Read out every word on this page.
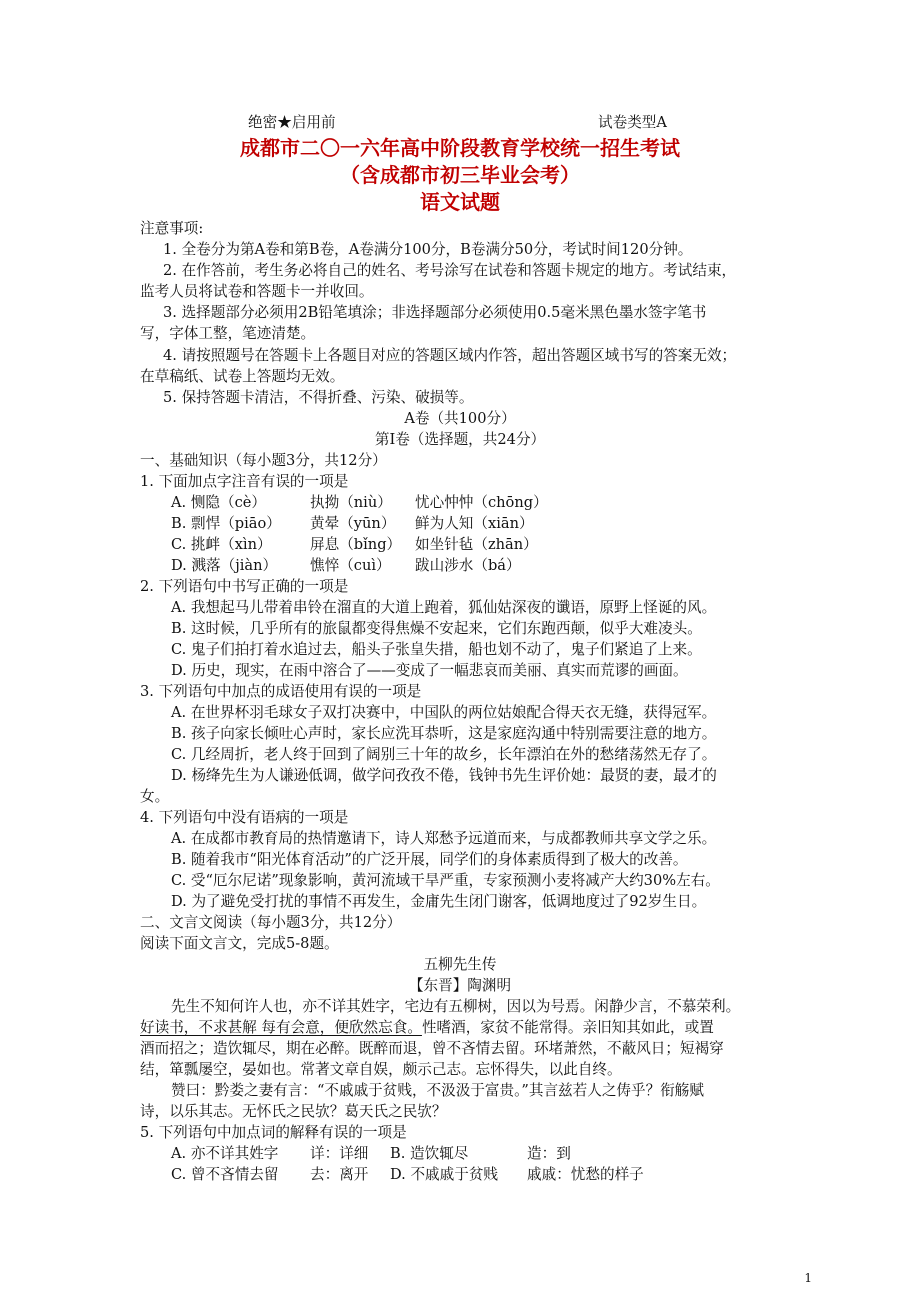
绝密★启用前	试卷类型A
成都市二〇一六年高中阶段教育学校统一招生考试
（含成都市初三毕业会考）
语文试题
注意事项:
1. 全卷分为第A卷和第B卷，A卷满分100分，B卷满分50分，考试时间120分钟。
2. 在作答前，考生务必将自己的姓名、考号涂写在试卷和答题卡规定的地方。考试结束，
监考人员将试卷和答题卡一并收回。
3. 选择题部分必须用2B铅笔填涂；非选择题部分必须使用0.5毫米黑色墨水签字笔书
写，字体工整，笔迹清楚。
4. 请按照题号在答题卡上各题目对应的答题区域内作答，超出答题区域书写的答案无效；
在草稿纸、试卷上答题均无效。
5. 保持答题卡清洁，不得折叠、污染、破损等。
A卷（共100分）
第Ⅰ卷（选择题，共24分）
一、基础知识（每小题3分，共12分）
1. 下面加点字注音有误的一项是
A. 恻隐（cè）	执拗（niù） 忧心忡忡（chōng）
B. 剽悍（piāo） 黄晕（yūn） 鲜为人知（xiān）
C. 挑衅（xìn）	屏息（bǐng） 如坐针毡（zhān）
D. 溅落（jiàn） 憔悴（cuì） 跋山涉水（bá）
2. 下列语句中书写正确的一项是
A. 我想起马儿带着串铃在溜直的大道上跑着，狐仙姑深夜的谶语，原野上怪诞的风。
B. 这时候，几乎所有的旅鼠都变得焦燥不安起来，它们东跑西颠，似乎大难凌头。
C. 鬼子们拍打着水追过去，船头子张皇失措，船也划不动了，鬼子们紧追了上来。
D. 历史，现实，在雨中溶合了——变成了一幅悲哀而美丽、真实而荒谬的画面。
3. 下列语句中加点的成语使用有误的一项是
A. 在世界杯羽毛球女子双打决赛中，中国队的两位姑娘配合得天衣无缝，获得冠军。
B. 孩子向家长倾吐心声时，家长应洗耳恭听，这是家庭沟通中特别需要注意的地方。
C. 几经周折，老人终于回到了阔别三十年的故乡，长年漂泊在外的愁绪荡然无存了。
D. 杨绛先生为人谦逊低调，做学问孜孜不倦，钱钟书先生评价她：最贤的妻，最才的
女。
4. 下列语句中没有语病的一项是
A. 在成都市教育局的热情邀请下，诗人郑愁予远道而来，与成都教师共享文学之乐。
B. 随着我市“阳光体育活动”的广泛开展，同学们的身体素质得到了极大的改善。
C. 受“厄尔尼诺”现象影响，黄河流域干旱严重，专家预测小麦将减产大约30%左右。
D. 为了避免受打扰的事情不再发生，金庸先生闭门谢客，低调地度过了92岁生日。
二、文言文阅读（每小题3分，共12分）
阅读下面文言文，完成5-8题。
五柳先生传
【东晋】陶渊明
先生不知何许人也，亦不详其姓字，宅边有五柳树，因以为号焉。闲静少言，不慕荣利。
好读书，不求甚解 每有会意，便欣然忘食。性嗜酒，家贫不能常得。亲旧知其如此，或置
酒而招之；造饮辄尽，期在必醉。既醉而退，曾不吝情去留。环堵萧然，不蔽风日；短褐穿
结，箪瓢屡空，晏如也。常著文章自娱，颇示己志。忘怀得失，以此自终。
赞曰：黔娄之妻有言：“不戚戚于贫贱，不汲汲于富贵。”其言兹若人之俦乎？衔觞赋
诗，以乐其志。无怀氏之民欤？葛天氏之民欤？
5. 下列语句中加点词的解释有误的一项是
A. 亦不详其姓字 详：详细 B. 造饮辄尽	造：到
C. 曾不吝情去留 去：离开 D. 不戚戚于贫贱 戚戚：忧愁的样子
1
